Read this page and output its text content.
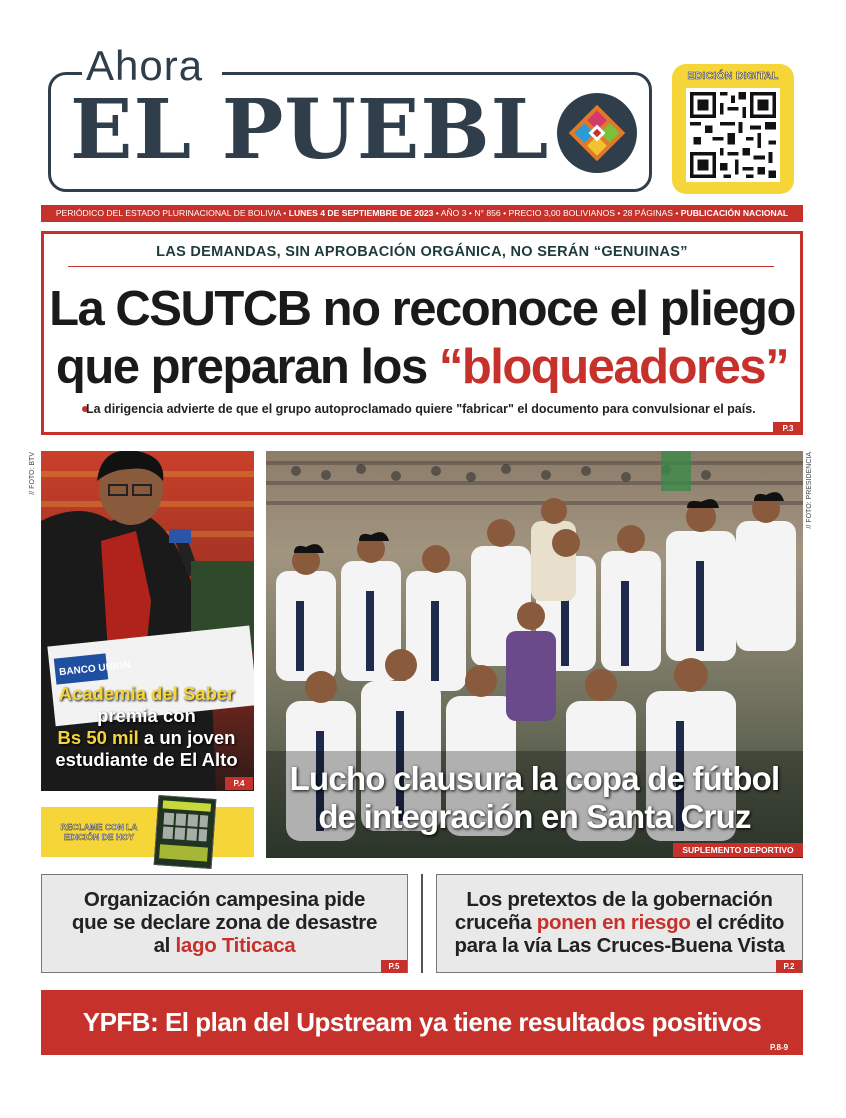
Ahora
EL PUEBL
EDICIÓN DIGITAL
PERIÓDICO DEL ESTADO PLURINACIONAL DE BOLIVIA • LUNES 4 DE SEPTIEMBRE DE 2023 • AÑO 3 • N° 856 • PRECIO 3,00 BOLIVIANOS • 28 PÁGINAS • PUBLICACIÓN NACIONAL
LAS DEMANDAS, SIN APROBACIÓN ORGÁNICA, NO SERÁN “GENUINAS”
La CSUTCB no reconoce el pliego
que preparan los “bloqueadores”
La dirigencia advierte de que el grupo autoproclamado quiere "fabricar" el documento para convulsionar el país.
P.3
// FOTO: BTV
BANCO UNION
Academia del Saber
premia con
Bs 50 mil a un joven
estudiante de El Alto
P.4
RECLAME CON LA EDICIÓN DE HOY
// FOTO: PRESIDENCIA
Lucho clausura la copa de fútbol
de integración en Santa Cruz
SUPLEMENTO DEPORTIVO
Organización campesina pide
que se declare zona de desastre
al lago Titicaca
P.5
Los pretextos de la gobernación
cruceña ponen en riesgo el crédito
para la vía Las Cruces-Buena Vista
P.2
YPFB: El plan del Upstream ya tiene resultados positivos
P.8-9
